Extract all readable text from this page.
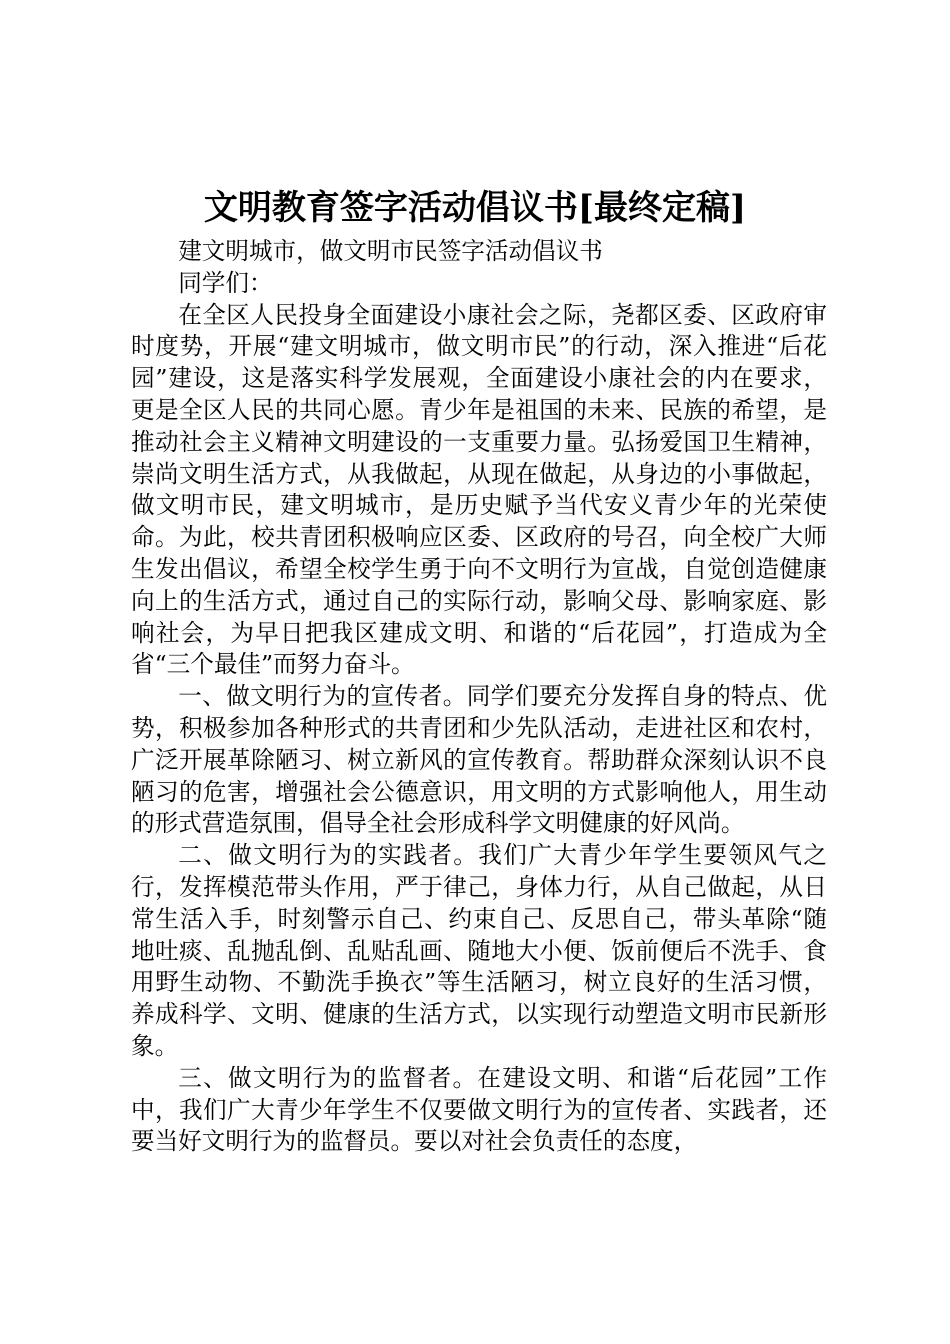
文明教育签字活动倡议书[最终定稿]

建文明城市，做文明市民签字活动倡议书

同学们：

在全区人民投身全面建设小康社会之际，尧都区委、区政府审时度势，开展“建文明城市，做文明市民”的行动，深入推进“后花园”建设，这是落实科学发展观，全面建设小康社会的内在要求，更是全区人民的共同心愿。青少年是祖国的未来、民族的希望，是推动社会主义精神文明建设的一支重要力量。弘扬爱国卫生精神，崇尚文明生活方式，从我做起，从现在做起，从身边的小事做起，做文明市民，建文明城市，是历史赋予当代安义青少年的光荣使命。为此，校共青团积极响应区委、区政府的号召，向全校广大师生发出倡议，希望全校学生勇于向不文明行为宣战，自觉创造健康向上的生活方式，通过自己的实际行动，影响父母、影响家庭、影响社会，为早日把我区建成文明、和谐的“后花园”，打造成为全省“三个最佳”而努力奋斗。

一、做文明行为的宣传者。同学们要充分发挥自身的特点、优势，积极参加各种形式的共青团和少先队活动，走进社区和农村，广泛开展革除陋习、树立新风的宣传教育。帮助群众深刻认识不良陋习的危害，增强社会公德意识，用文明的方式影响他人，用生动的形式营造氛围，倡导全社会形成科学文明健康的好风尚。

二、做文明行为的实践者。我们广大青少年学生要领风气之行，发挥模范带头作用，严于律己，身体力行，从自己做起，从日常生活入手，时刻警示自己、约束自己、反思自己，带头革除“随地吐痰、乱抛乱倒、乱贴乱画、随地大小便、饭前便后不洗手、食用野生动物、不勤洗手换衣”等生活陋习，树立良好的生活习惯，养成科学、文明、健康的生活方式，以实现行动塑造文明市民新形象。

三、做文明行为的监督者。在建设文明、和谐“后花园”工作中，我们广大青少年学生不仅要做文明行为的宣传者、实践者，还要当好文明行为的监督员。要以对社会负责任的态度，
